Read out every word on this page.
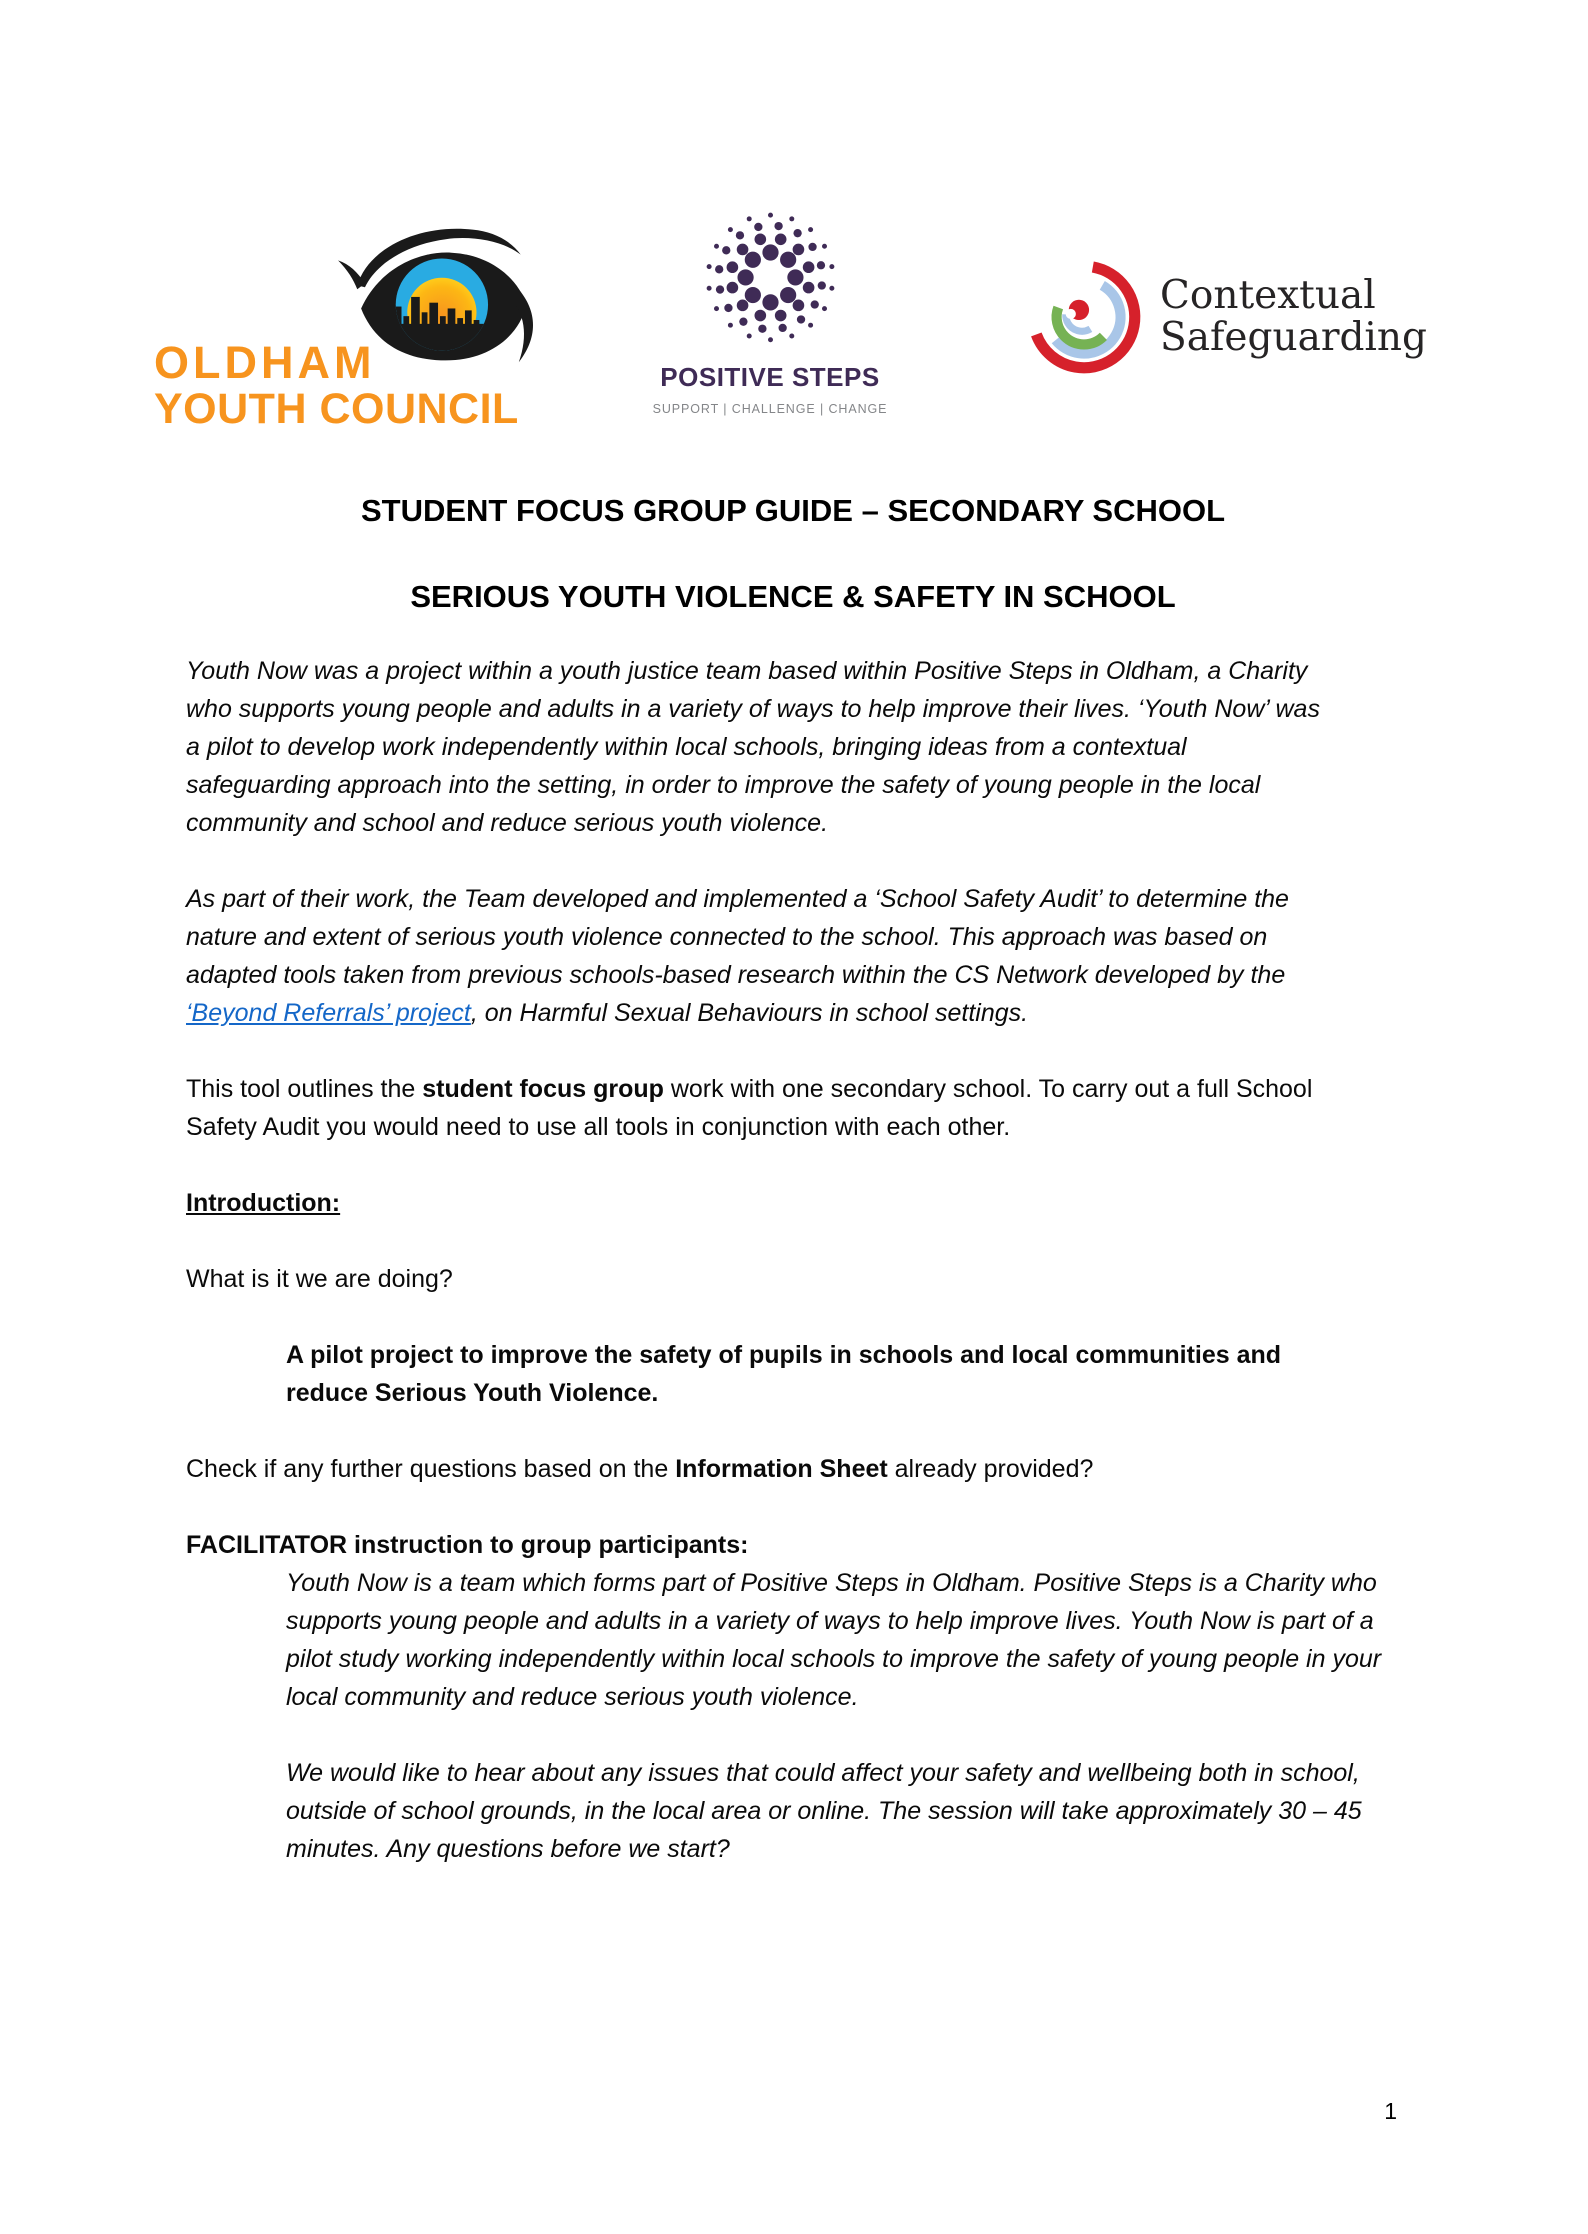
OLDHAM
YOUTH COUNCIL
POSITIVE STEPS
SUPPORT | CHALLENGE | CHANGE
Contextual
Safeguarding
STUDENT FOCUS GROUP GUIDE – SECONDARY SCHOOL
SERIOUS YOUTH VIOLENCE & SAFETY IN SCHOOL

Youth Now was a project within a youth justice team based within Positive Steps in Oldham, a Charity who supports young people and adults in a variety of ways to help improve their lives. ‘Youth Now’ was a pilot to develop work independently within local schools, bringing ideas from a contextual safeguarding approach into the setting, in order to improve the safety of young people in the local community and school and reduce serious youth violence.

As part of their work, the Team developed and implemented a ‘School Safety Audit’ to determine the nature and extent of serious youth violence connected to the school. This approach was based on adapted tools taken from previous schools-based research within the CS Network developed by the ‘Beyond Referrals’ project, on Harmful Sexual Behaviours in school settings.

This tool outlines the student focus group work with one secondary school. To carry out a full School Safety Audit you would need to use all tools in conjunction with each other.

Introduction:

What is it we are doing?

A pilot project to improve the safety of pupils in schools and local communities and reduce Serious Youth Violence.

Check if any further questions based on the Information Sheet already provided?

FACILITATOR instruction to group participants:

Youth Now is a team which forms part of Positive Steps in Oldham. Positive Steps is a Charity who supports young people and adults in a variety of ways to help improve lives. Youth Now is part of a pilot study working independently within local schools to improve the safety of young people in your local community and reduce serious youth violence.

We would like to hear about any issues that could affect your safety and wellbeing both in school, outside of school grounds, in the local area or online. The session will take approximately 30 – 45 minutes. Any questions before we start?

1
